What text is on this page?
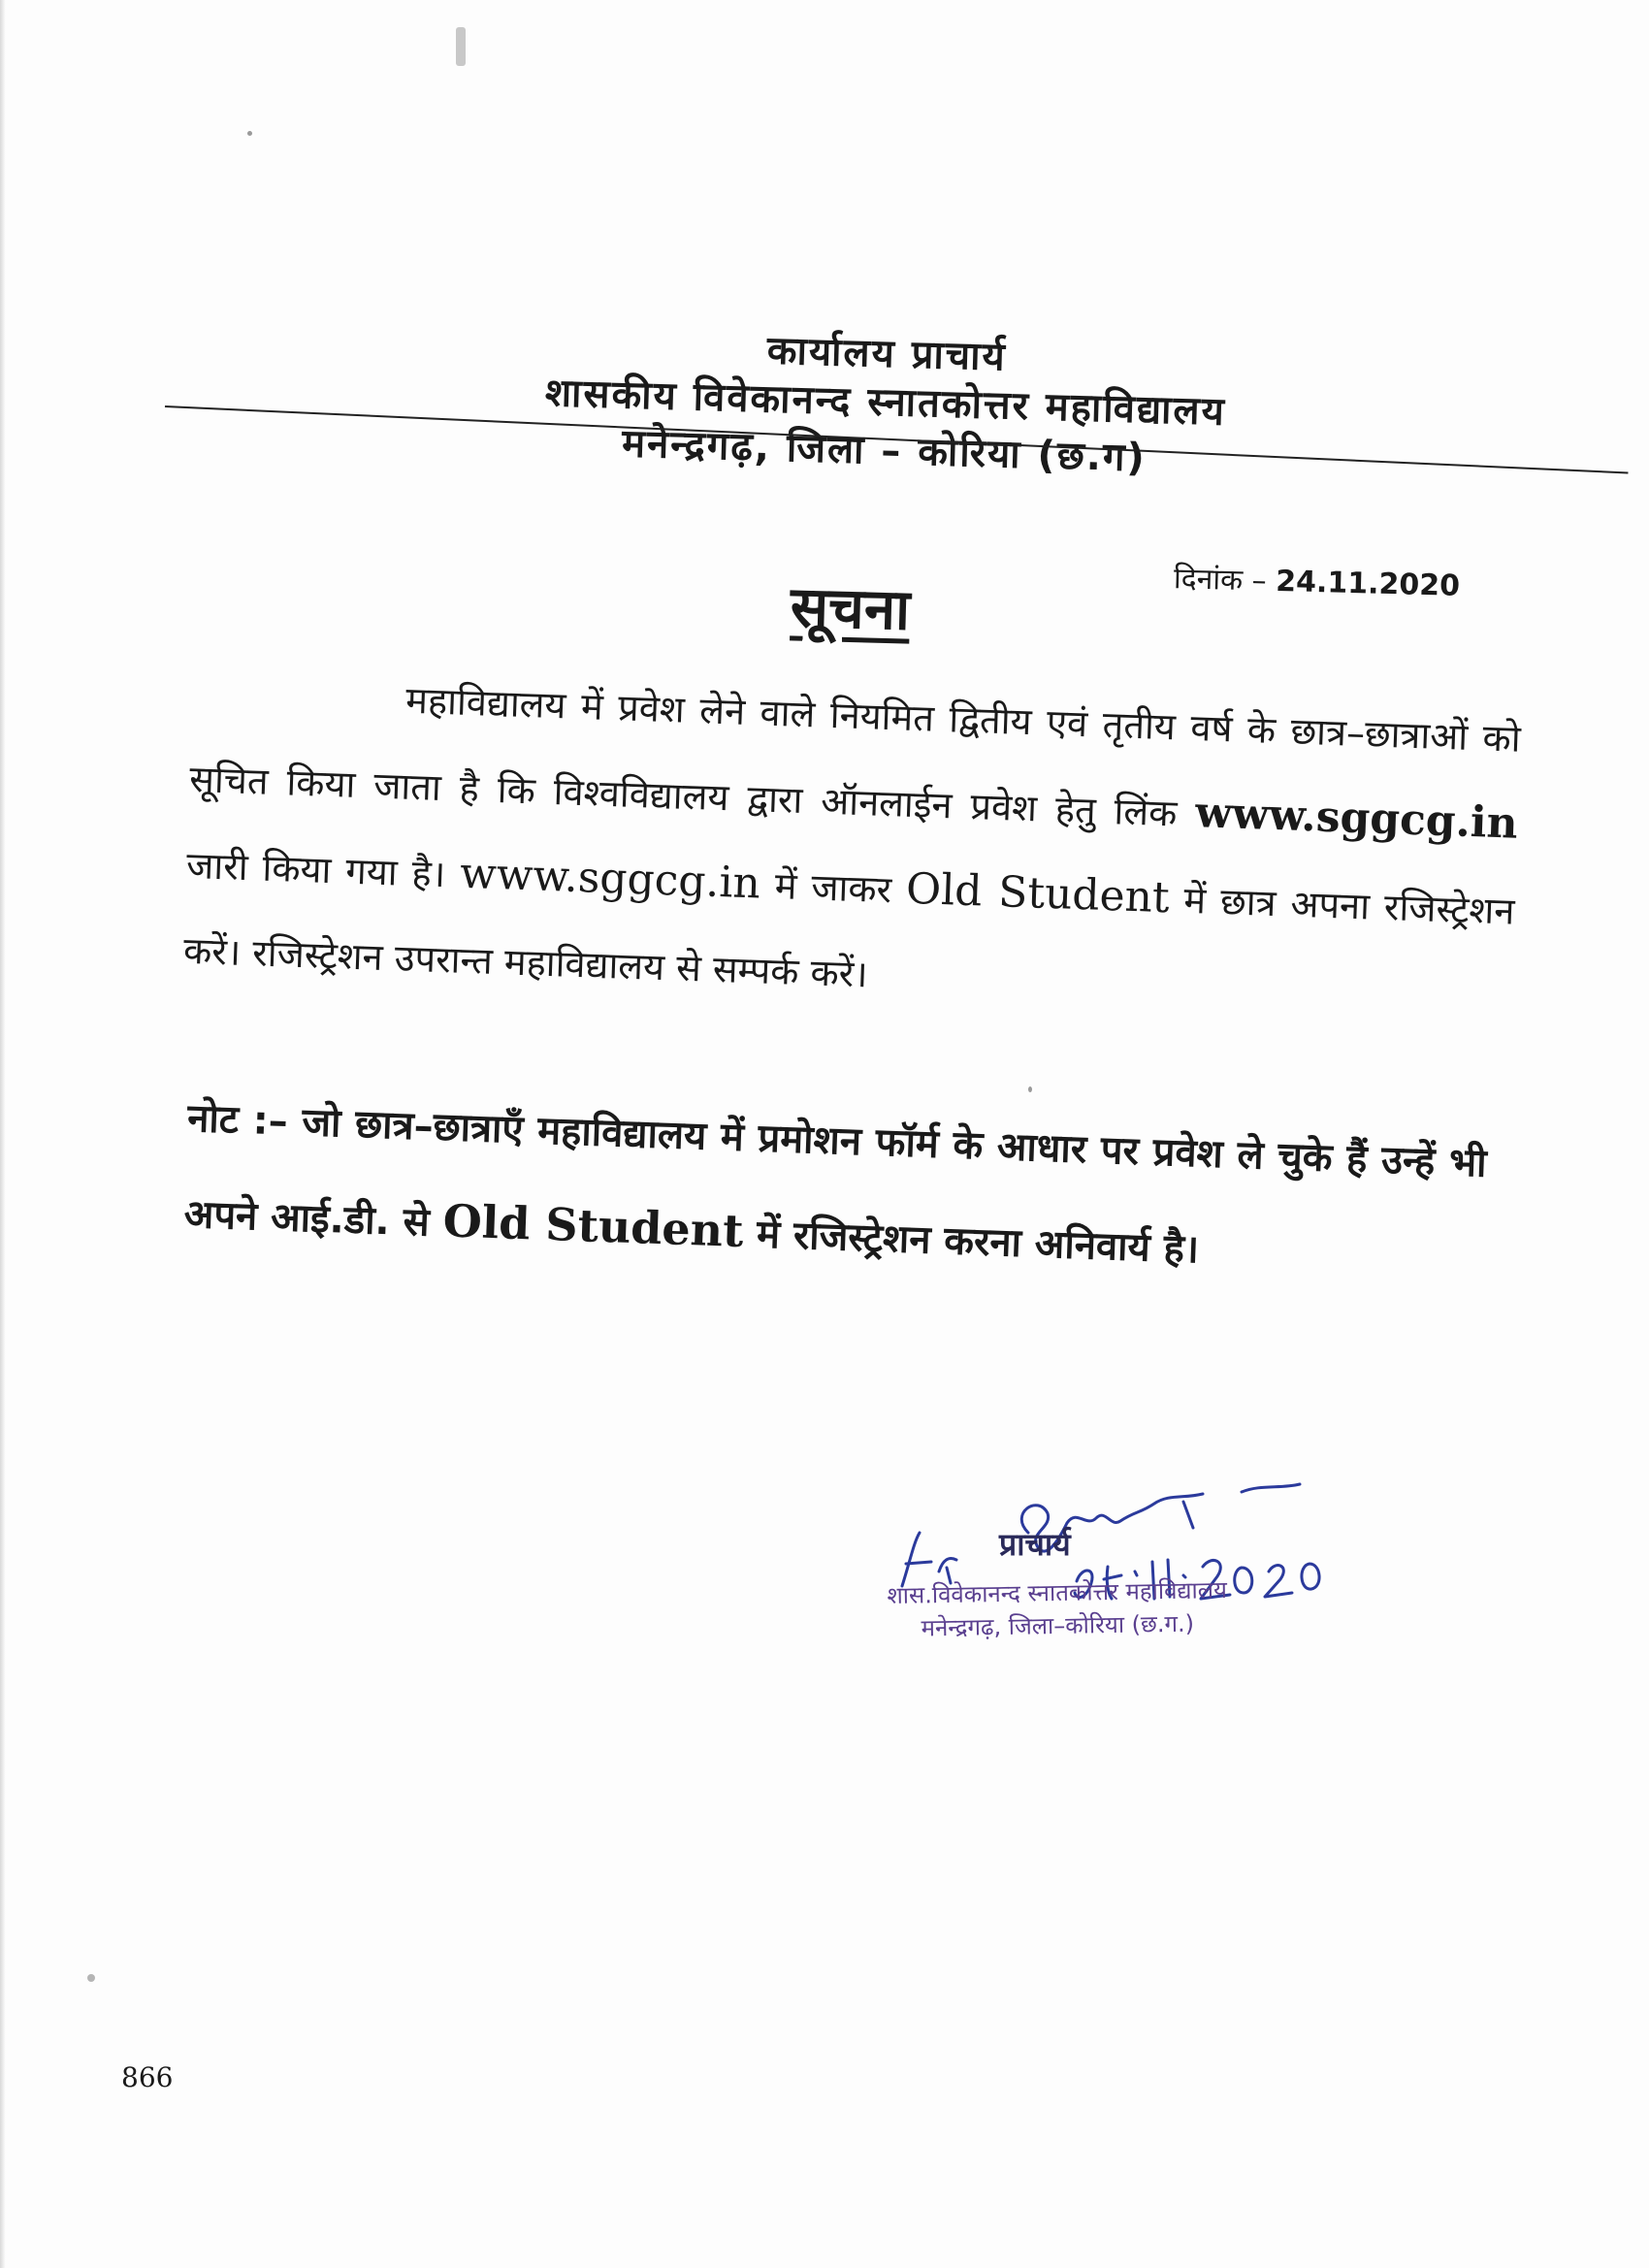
कार्यालय प्राचार्य
शासकीय विवेकानन्द स्नातकोत्तर महाविद्यालय
मनेन्द्रगढ़, जिला – कोरिया (छ.ग)
दिनांक – 24.11.2020
सूचना
महाविद्यालय में प्रवेश लेने वाले नियमित द्वितीय एवं तृतीय वर्ष के छात्र–छात्राओं को सूचित किया जाता है कि विश्वविद्यालय द्वारा ऑनलाईन प्रवेश हेतु लिंक www.sggcg.in जारी किया गया है। www.sggcg.in में जाकर Old Student में छात्र अपना रजिस्ट्रेशन करें। रजिस्ट्रेशन उपरान्त महाविद्यालय से सम्पर्क करें।
नोट :– जो छात्र–छात्राएँ महाविद्यालय में प्रमोशन फॉर्म के आधार पर प्रवेश ले चुके हैं उन्हें भी अपने आई.डी. से Old Student में रजिस्ट्रेशन करना अनिवार्य है।
प्राचार्य
शास.विवेकानन्द स्नातकोत्तर महाविद्यालय
मनेन्द्रगढ़, जिला–कोरिया (छ.ग.)
866
